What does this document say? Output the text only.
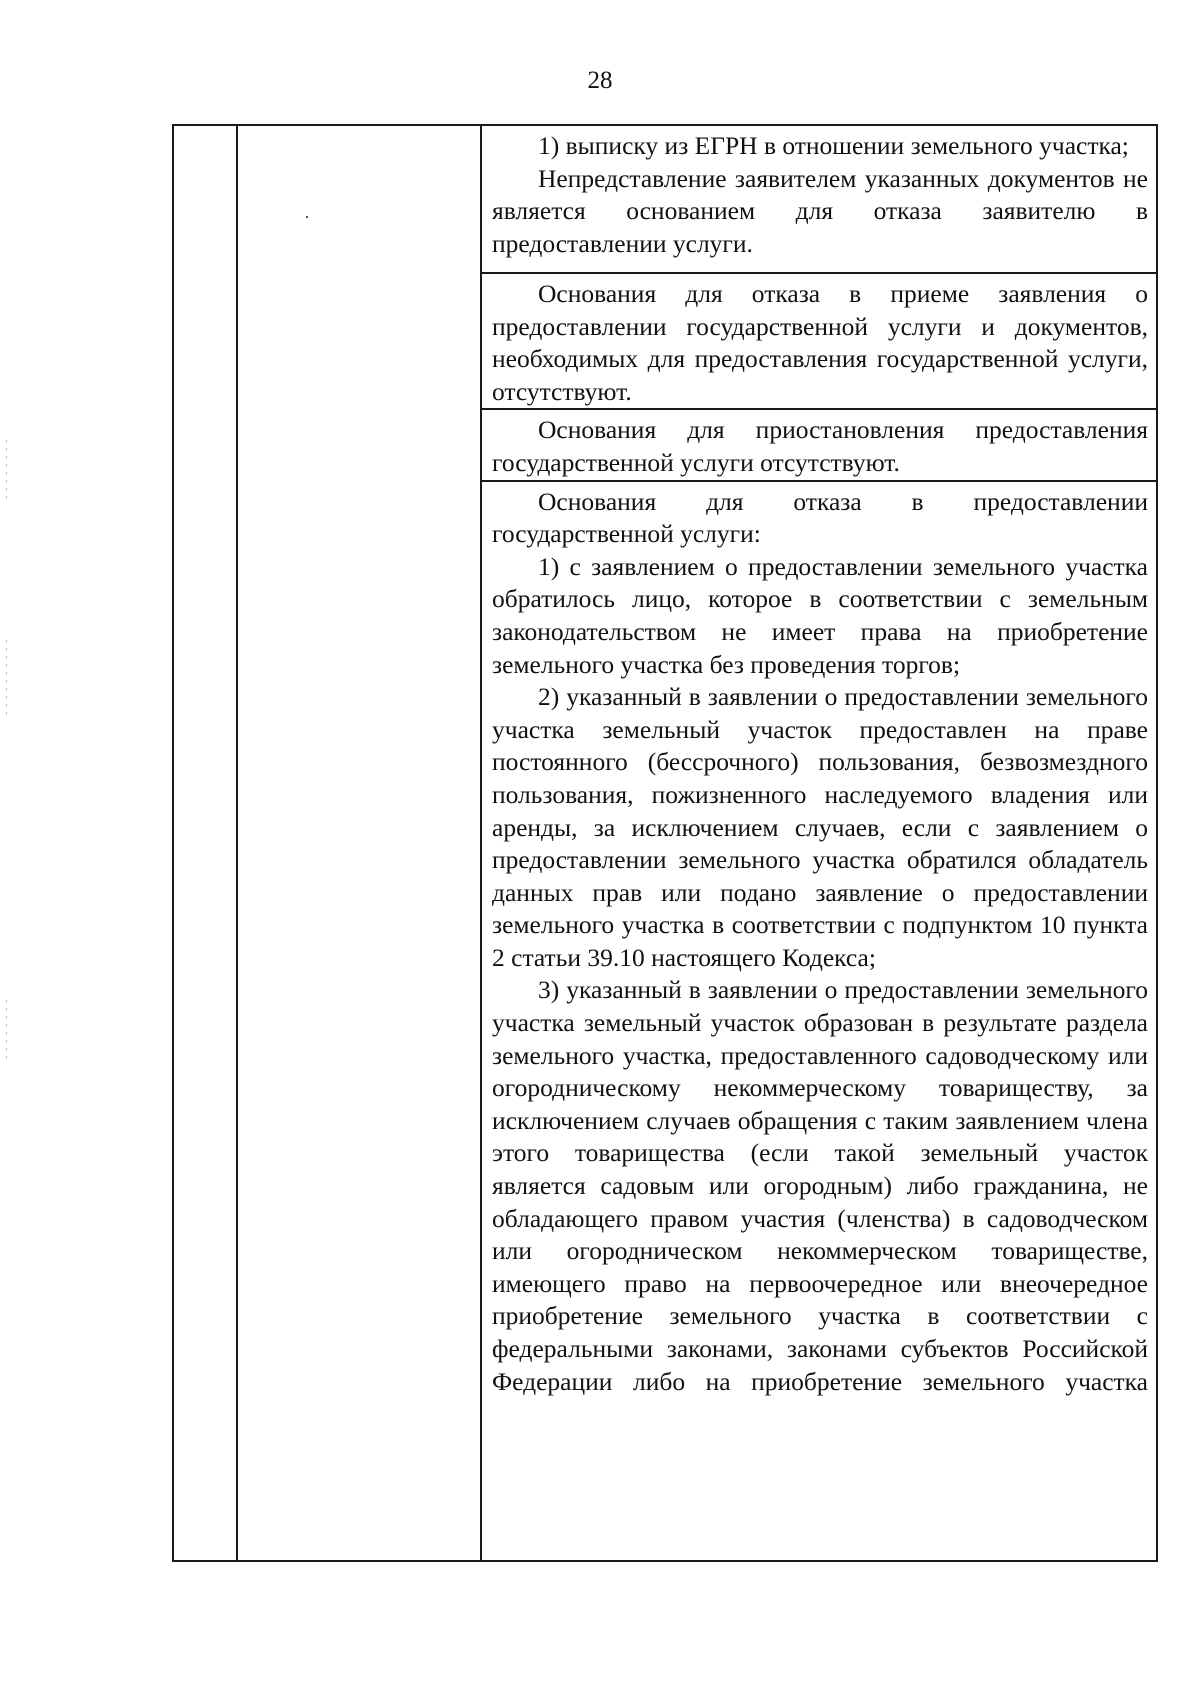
28

1) выписку из ЕГРН в отношении земельного участка;

Непредставление заявителем указанных документов не является основанием для отказа заявителю в предоставлении услуги.

Основания для отказа в приеме заявления о предоставлении государственной услуги и документов, необходимых для предоставления государственной услуги, отсутствуют.

Основания для приостановления предоставления государственной услуги отсутствуют.

Основания для отказа в предоставлении государственной услуги:

1) с заявлением о предоставлении земельного участка обратилось лицо, которое в соответствии с земельным законодательством не имеет права на приобретение земельного участка без проведения торгов;

2) указанный в заявлении о предоставлении земельного участка земельный участок предоставлен на праве постоянного (бессрочного) пользования, безвозмездного пользования, пожизненного наследуемого владения или аренды, за исключением случаев, если с заявлением о предоставлении земельного участка обратился обладатель данных прав или подано заявление о предоставлении земельного участка в соответствии с подпунктом 10 пункта 2 статьи 39.10 настоящего Кодекса;

3) указанный в заявлении о предоставлении земельного участка земельный участок образован в результате раздела земельного участка, предоставленного садоводческому или огородническому некоммерческому товариществу, за исключением случаев обращения с таким заявлением члена этого товарищества (если такой земельный участок является садовым или огородным) либо гражданина, не обладающего правом участия (членства) в садоводческом или огородническом некоммерческом товариществе, имеющего право на первоочередное или внеочередное приобретение земельного участка в соответствии с федеральными законами, законами субъектов Российской Федерации либо на приобретение земельного участка
